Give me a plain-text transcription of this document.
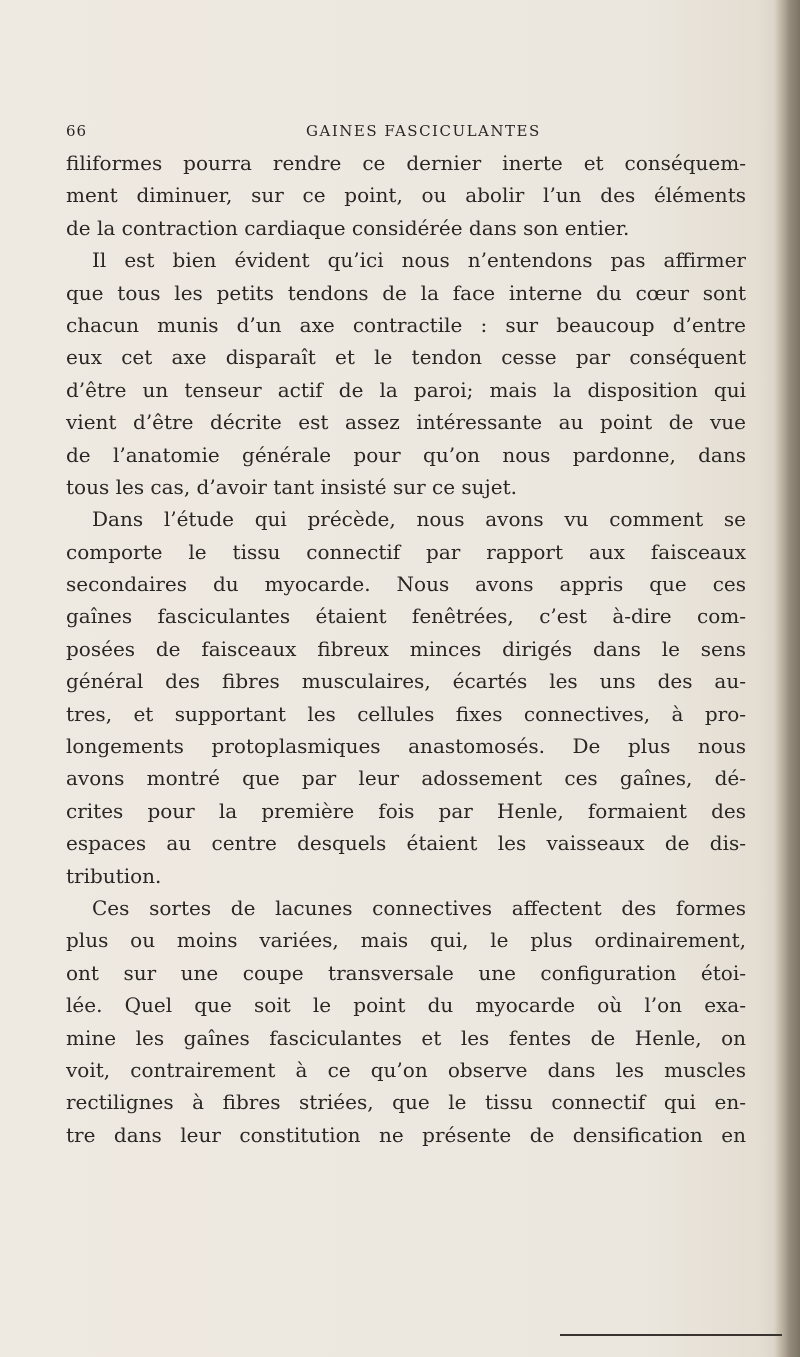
66	GAINES FASCICULANTES
filiformes pourra rendre ce dernier inerte et conséquem-
ment diminuer, sur ce point, ou abolir l’un des éléments
de la contraction cardiaque considérée dans son entier.
Il est bien évident qu’ici nous n’entendons pas affirmer
que tous les petits tendons de la face interne du cœur sont
chacun munis d’un axe contractile : sur beaucoup d’entre
eux cet axe disparaît et le tendon cesse par conséquent
d’être un tenseur actif de la paroi; mais la disposition qui
vient d’être décrite est assez intéressante au point de vue
de l’anatomie générale pour qu’on nous pardonne, dans
tous les cas, d’avoir tant insisté sur ce sujet.
Dans l’étude qui précède, nous avons vu comment se
comporte le tissu connectif par rapport aux faisceaux
secondaires du myocarde. Nous avons appris que ces
gaînes fasciculantes étaient fenêtrées, c’est à-dire com-
posées de faisceaux fibreux minces dirigés dans le sens
général des fibres musculaires, écartés les uns des au-
tres, et supportant les cellules fixes connectives, à pro-
longements protoplasmiques anastomosés. De plus nous
avons montré que par leur adossement ces gaînes, dé-
crites pour la première fois par Henle, formaient des
espaces au centre desquels étaient les vaisseaux de dis-
tribution.
Ces sortes de lacunes connectives affectent des formes
plus ou moins variées, mais qui, le plus ordinairement,
ont sur une coupe transversale une configuration étoi-
lée. Quel que soit le point du myocarde où l’on exa-
mine les gaînes fasciculantes et les fentes de Henle, on
voit, contrairement à ce qu’on observe dans les muscles
rectilignes à fibres striées, que le tissu connectif qui en-
tre dans leur constitution ne présente de densification en
